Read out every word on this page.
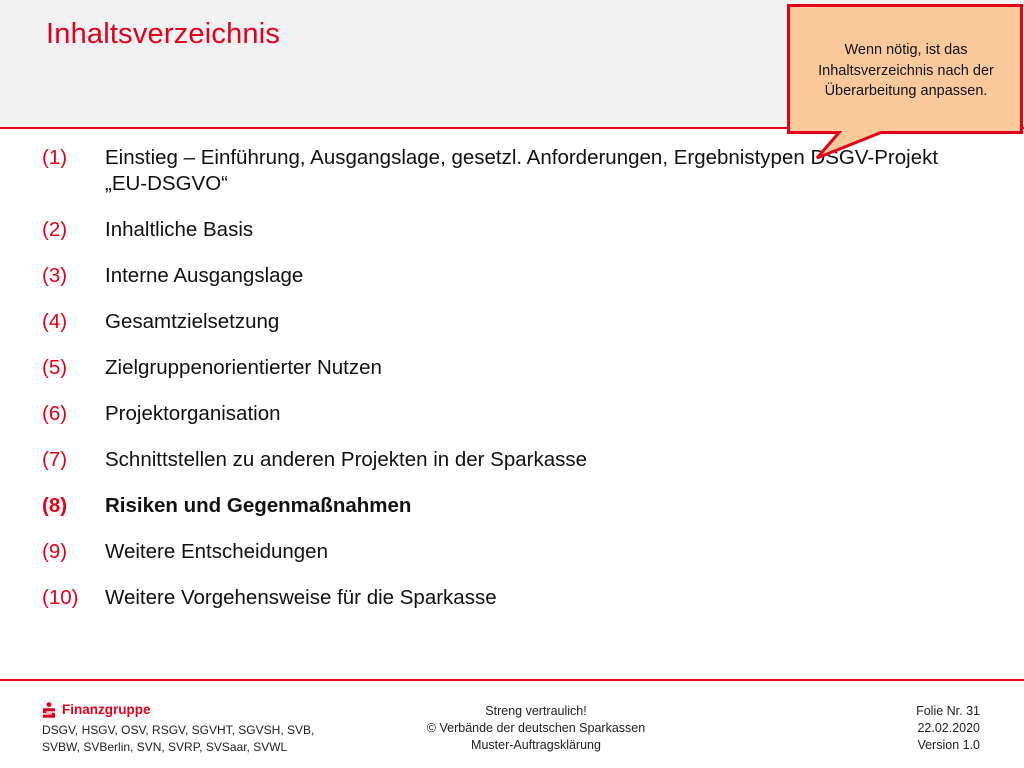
Inhaltsverzeichnis
(1) Einstieg – Einführung, Ausgangslage, gesetzl. Anforderungen, Ergebnistypen DSGV-Projekt „EU-DSGVO“
(2) Inhaltliche Basis
(3) Interne Ausgangslage
(4) Gesamtzielsetzung
(5) Zielgruppenorientierter Nutzen
(6) Projektorganisation
(7) Schnittstellen zu anderen Projekten in der Sparkasse
(8) Risiken und Gegenmaßnahmen
(9) Weitere Entscheidungen
(10) Weitere Vorgehensweise für die Sparkasse
Wenn nötig, ist das Inhaltsverzeichnis nach der Überarbeitung anpassen.
Finanzgruppe
DSGV, HSGV, OSV, RSGV, SGVHT, SGVSH, SVB,
SVBW, SVBerlin, SVN, SVRP, SVSaar, SVWL
Streng vertraulich!
© Verbände der deutschen Sparkassen
Muster-Auftragsklärung
Folie Nr. 31
22.02.2020
Version 1.0
